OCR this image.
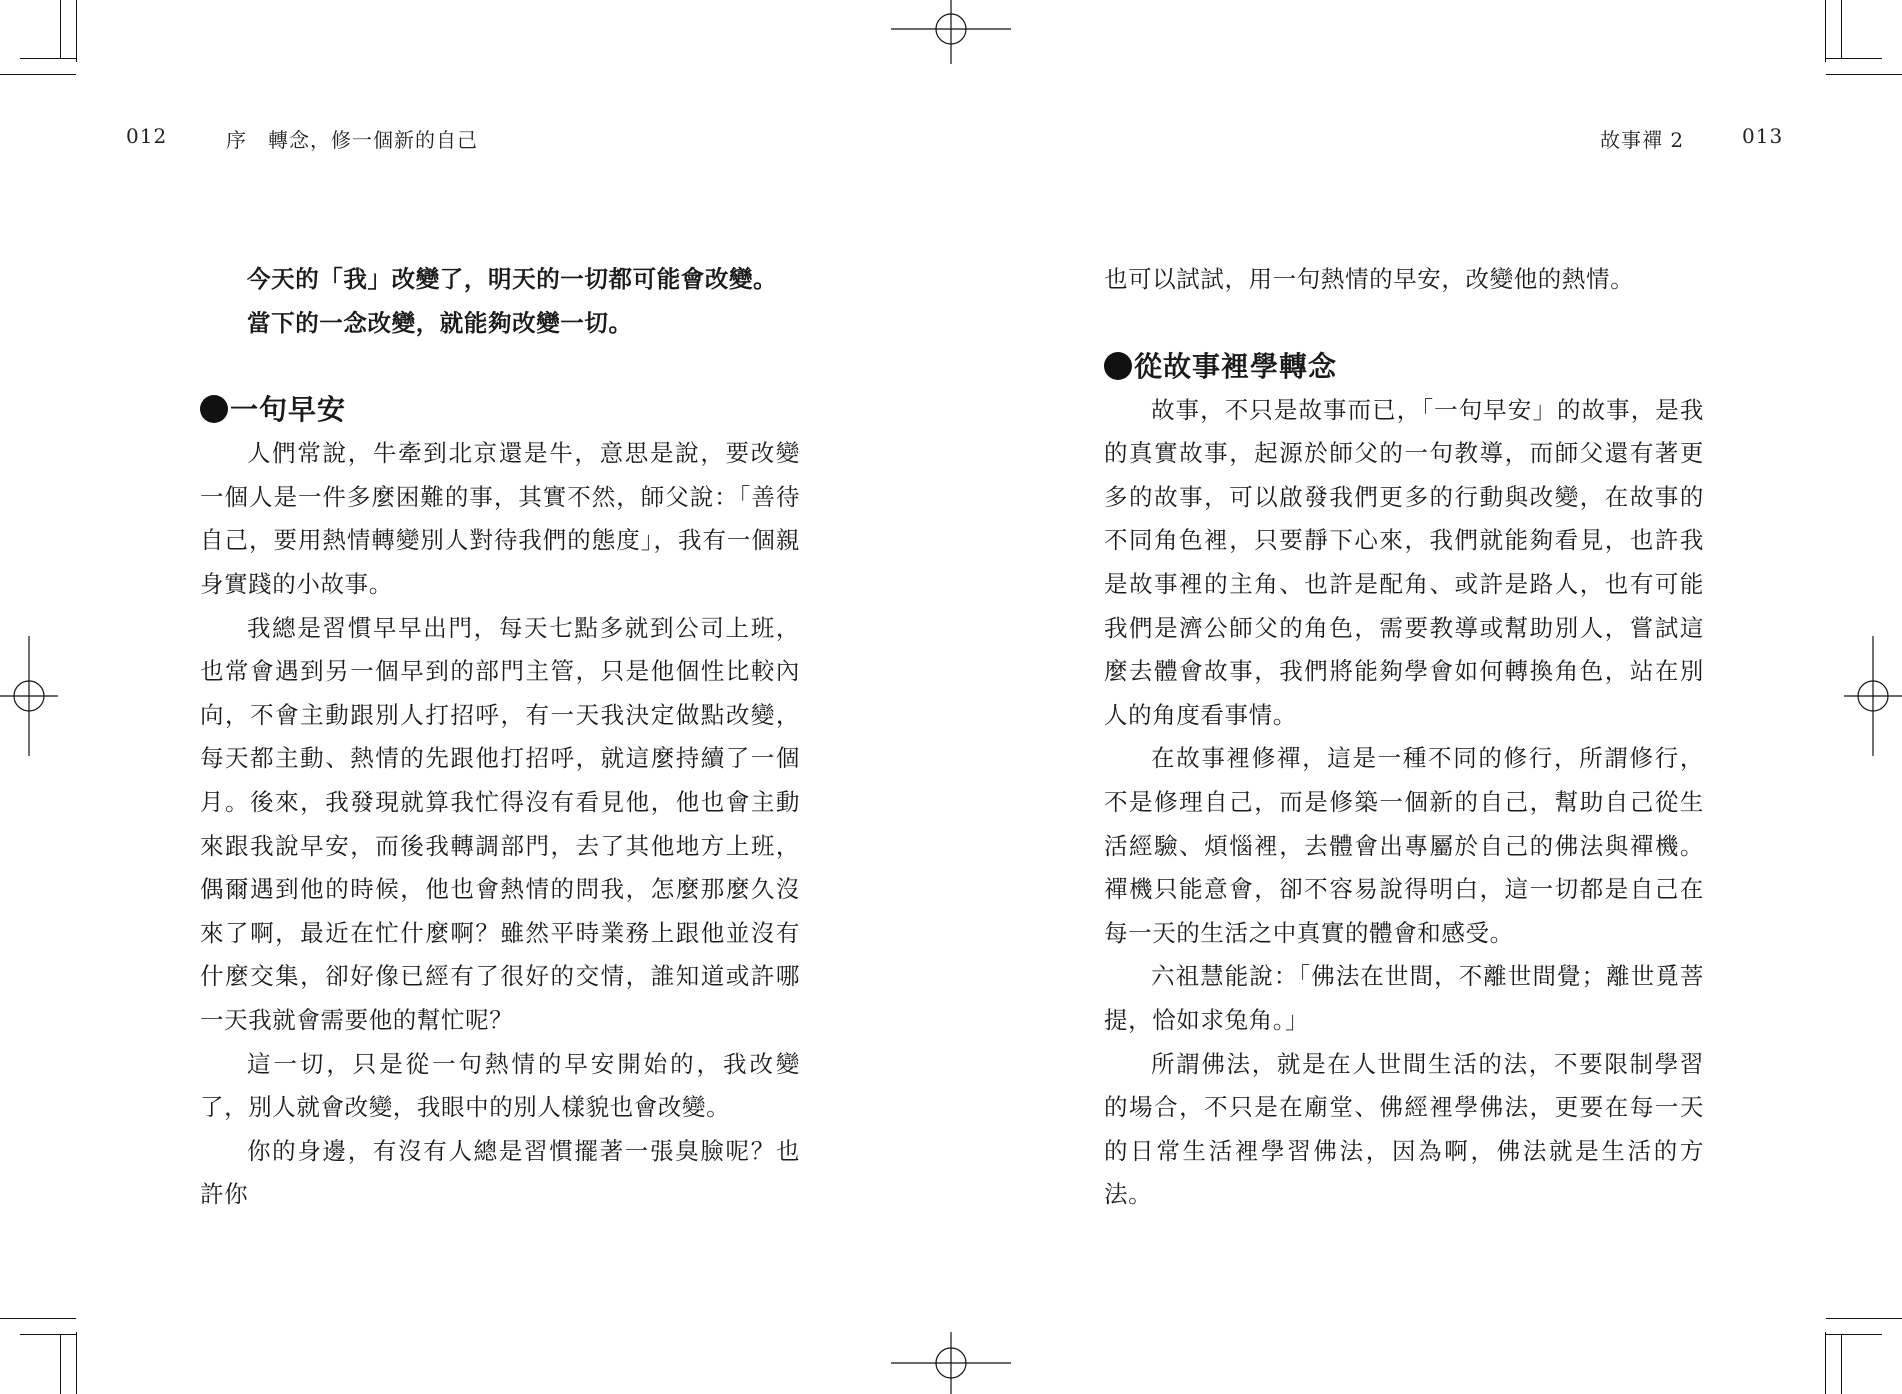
012	序　轉念，修一個新的自己	故事禪 2	013

今天的「我」改變了，明天的一切都可能會改變。

當下的一念改變，就能夠改變一切。

一句早安

人們常說，牛牽到北京還是牛，意思是說，要改變一個人是一件多麼困難的事，其實不然，師父說：「善待自己，要用熱情轉變別人對待我們的態度」，我有一個親身實踐的小故事。

我總是習慣早早出門，每天七點多就到公司上班，也常會遇到另一個早到的部門主管，只是他個性比較內向，不會主動跟別人打招呼，有一天我決定做點改變，每天都主動、熱情的先跟他打招呼，就這麼持續了一個月。後來，我發現就算我忙得沒有看見他，他也會主動來跟我說早安，而後我轉調部門，去了其他地方上班，偶爾遇到他的時候，他也會熱情的問我，怎麼那麼久沒來了啊，最近在忙什麼啊？雖然平時業務上跟他並沒有什麼交集，卻好像已經有了很好的交情，誰知道或許哪一天我就會需要他的幫忙呢？

這一切，只是從一句熱情的早安開始的，我改變了，別人就會改變，我眼中的別人樣貌也會改變。

你的身邊，有沒有人總是習慣擺著一張臭臉呢？也許你

也可以試試，用一句熱情的早安，改變他的熱情。

從故事裡學轉念

故事，不只是故事而已，「一句早安」的故事，是我的真實故事，起源於師父的一句教導，而師父還有著更多的故事，可以啟發我們更多的行動與改變，在故事的不同角色裡，只要靜下心來，我們就能夠看見，也許我是故事裡的主角、也許是配角、或許是路人，也有可能我們是濟公師父的角色，需要教導或幫助別人，嘗試這麼去體會故事，我們將能夠學會如何轉換角色，站在別人的角度看事情。

在故事裡修禪，這是一種不同的修行，所謂修行，不是修理自己，而是修築一個新的自己，幫助自己從生活經驗、煩惱裡，去體會出專屬於自己的佛法與禪機。禪機只能意會，卻不容易說得明白，這一切都是自己在每一天的生活之中真實的體會和感受。

六祖慧能說：「佛法在世間，不離世間覺；離世覓菩提，恰如求兔角。」

所謂佛法，就是在人世間生活的法，不要限制學習的場合，不只是在廟堂、佛經裡學佛法，更要在每一天的日常生活裡學習佛法，因為啊，佛法就是生活的方法。
